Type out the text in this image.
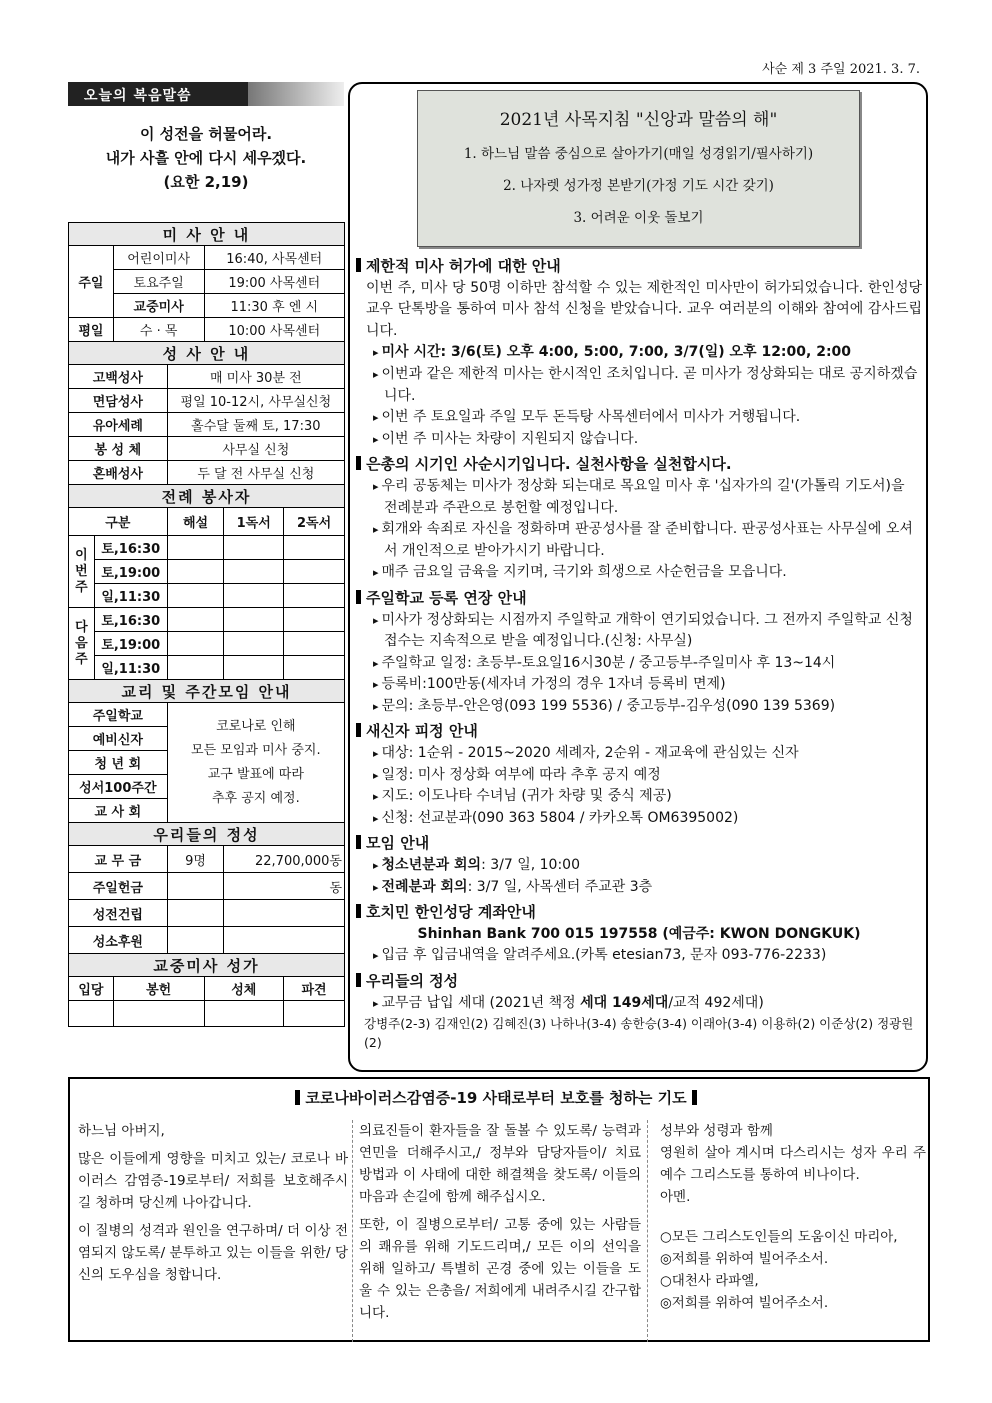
사순 제 3 주일 2021. 3. 7.
오늘의 복음말씀
이 성전을 허물어라.
내가 사흘 안에 다시 세우겠다.
(요한 2,19)
미 사 안 내						
주일		어린이미사		16:40, 사목센터		
		토요주일		19:00 사목센터		
		교중미사		11:30 후 엔 시		
평일		수 · 목		10:00 사목센터		
성 사 안 내						
고백성사			매 미사 30분 전			
면담성사			평일 10-12시, 사무실신청			
유아세례			홀수달 둘째 토, 17:30			
봉 성 체			사무실 신청			
혼배성사			두 달 전 사무실 신청			
전례 봉사자						
구분			해설		1독서	2독서
이번주	토,16:30					
	토,19:00					
	일,11:30					
다음주	토,16:30					
	토,19:00					
	일,11:30					
교리 및 주간모임 안내						
주일학교			코로나로 인해
모든 모임과 미사 중지.
교구 발표에 따라
추후 공지 예정.			

예비신자						
청 년 회						
성서100주간						
교 사 회						
우리들의 정성						
교 무 금			9명		22,700,000동	
주일헌금					동	
성전건립						
성소후원						
교중미사 성가						
입당		봉헌		성체		파견

2021년 사목지침 "신앙과 말씀의 해"

1. 하느님 말씀 중심으로 살아가기(매일 성경읽기/필사하기)

2. 나자렛 성가정 본받기(가정 기도 시간 갖기)

3. 어려운 이웃 돌보기

제한적 미사 허가에 대한 안내
이번 주, 미사 당 50명 이하만 참석할 수 있는 제한적인 미사만이 허가되었습니다. 한인성당 교우 단톡방을 통하여 미사 참석 신청을 받았습니다. 교우 여러분의 이해와 참여에 감사드립니다.
▸ 미사 시간: 3/6(토) 오후 4:00, 5:00, 7:00, 3/7(일) 오후 12:00, 2:00
▸ 이번과 같은 제한적 미사는 한시적인 조치입니다. 곧 미사가 정상화되는 대로 공지하겠습니다.
▸ 이번 주 토요일과 주일 모두 돈득탕 사목센터에서 미사가 거행됩니다.
▸ 이번 주 미사는 차량이 지원되지 않습니다.
은총의 시기인 사순시기입니다. 실천사항을 실천합시다.
▸ 우리 공동체는 미사가 정상화 되는대로 목요일 미사 후 '십자가의 길'(가톨릭 기도서)을 전례분과 주관으로 봉헌할 예정입니다.
▸ 회개와 속죄로 자신을 정화하며 판공성사를 잘 준비합니다. 판공성사표는 사무실에 오셔서 개인적으로 받아가시기 바랍니다.
▸ 매주 금요일 금육을 지키며, 극기와 희생으로 사순헌금을 모읍니다.
주일학교 등록 연장 안내
▸ 미사가 정상화되는 시점까지 주일학교 개학이 연기되었습니다. 그 전까지 주일학교 신청 접수는 지속적으로 받을 예정입니다.(신청: 사무실)
▸ 주일학교 일정: 초등부-토요일16시30분 / 중고등부-주일미사 후 13~14시
▸ 등록비:100만동(세자녀 가정의 경우 1자녀 등록비 면제)
▸ 문의: 초등부-안은영(093 199 5536) / 중고등부-김우성(090 139 5369)
새신자 피정 안내
▸ 대상: 1순위 - 2015~2020 세례자, 2순위 - 재교육에 관심있는 신자
▸ 일정: 미사 정상화 여부에 따라 추후 공지 예정
▸ 지도: 이도나타 수녀님 (귀가 차량 및 중식 제공)
▸ 신청: 선교분과(090 363 5804 / 카카오톡 OM6395002)
모임 안내
▸ 청소년분과 회의: 3/7 일, 10:00
▸ 전례분과 회의: 3/7 일, 사목센터 주교관 3층
호치민 한인성당 계좌안내
Shinhan Bank 700 015 197558 (예금주: KWON DONGKUK)
▸ 입금 후 입금내역을 알려주세요.(카톡 etesian73, 문자 093-776-2233)
우리들의 정성
▸ 교무금 납입 세대 (2021년 책정 세대 149세대/교적 492세대)
강병주(2-3) 김재인(2) 김혜진(3) 나하나(3-4) 송한승(3-4) 이래아(3-4) 이용하(2) 이준상(2) 정광원(2)
코로나바이러스감염증-19 사태로부터 보호를 청하는 기도

하느님 아버지,

많은 이들에게 영향을 미치고 있는/ 코로나 바이러스 감염증-19로부터/ 저희를 보호해주시길 청하며 당신께 나아갑니다.

이 질병의 성격과 원인을 연구하며/ 더 이상 전염되지 않도록/ 분투하고 있는 이들을 위한/ 당신의 도우심을 청합니다.

의료진들이 환자들을 잘 돌볼 수 있도록/ 능력과 연민을 더해주시고,/ 정부와 담당자들이/ 치료 방법과 이 사태에 대한 해결책을 찾도록/ 이들의 마음과 손길에 함께 해주십시오.

또한, 이 질병으로부터/ 고통 중에 있는 사람들의 쾌유를 위해 기도드리며,/ 모든 이의 선익을 위해 일하고/ 특별히 곤경 중에 있는 이들을 도울 수 있는 은총을/ 저희에게 내려주시길 간구합니다.

성부와 성령과 함께
영원히 살아 계시며 다스리시는 성자 우리 주 예수 그리스도를 통하여 비나이다.
아멘.
○모든 그리스도인들의 도움이신 마리아,
◎저희를 위하여 빌어주소서.
○대천사 라파엘,
◎저희를 위하여 빌어주소서.
